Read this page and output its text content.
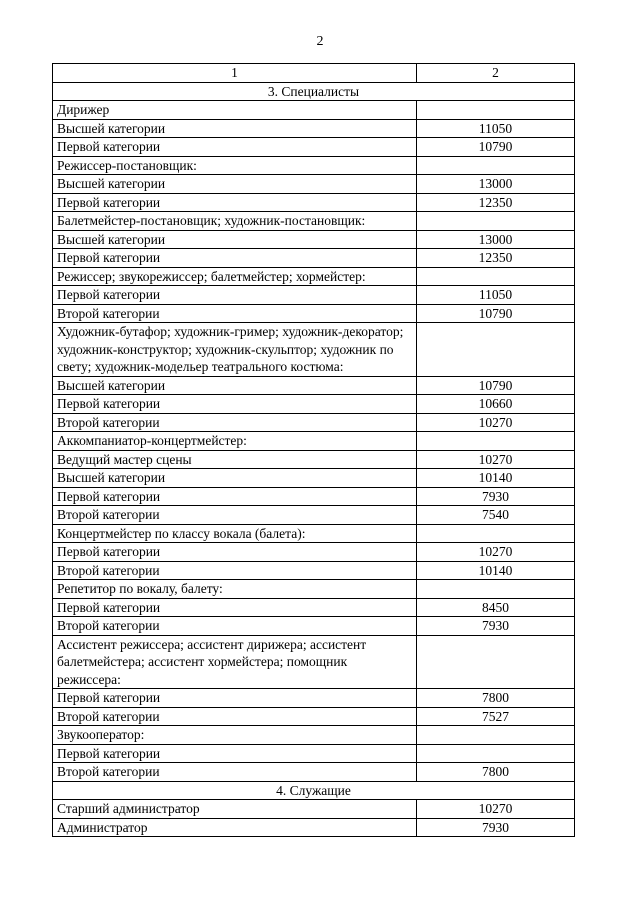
2
1	2
3. Специалисты	
Дирижер	
Высшей категории	11050
Первой категории	10790
Режиссер-постановщик:	
Высшей категории	13000
Первой категории	12350
Балетмейстер-постановщик; художник-постановщик:	
Высшей категории	13000
Первой категории	12350
Режиссер; звукорежиссер; балетмейстер; хормейстер:	
Первой категории	11050
Второй категории	10790
Художник-бутафор; художник-гример; художник-декоратор; художник-конструктор; художник-скульптор; художник по свету; художник-модельер театрального костюма:	
Высшей категории	10790
Первой категории	10660
Второй категории	10270
Аккомпаниатор-концертмейстер:	
Ведущий мастер сцены	10270
Высшей категории	10140
Первой категории	7930
Второй категории	7540
Концертмейстер по классу вокала (балета):	
Первой категории	10270
Второй категории	10140
Репетитор по вокалу, балету:	
Первой категории	8450
Второй категории	7930
Ассистент режиссера; ассистент дирижера; ассистент балетмейстера; ассистент хормейстера; помощник режиссера:	
Первой категории	7800
Второй категории	7527
Звукооператор:	
Первой категории	
Второй категории	7800
4. Служащие	
Старший администратор	10270
Администратор	7930
